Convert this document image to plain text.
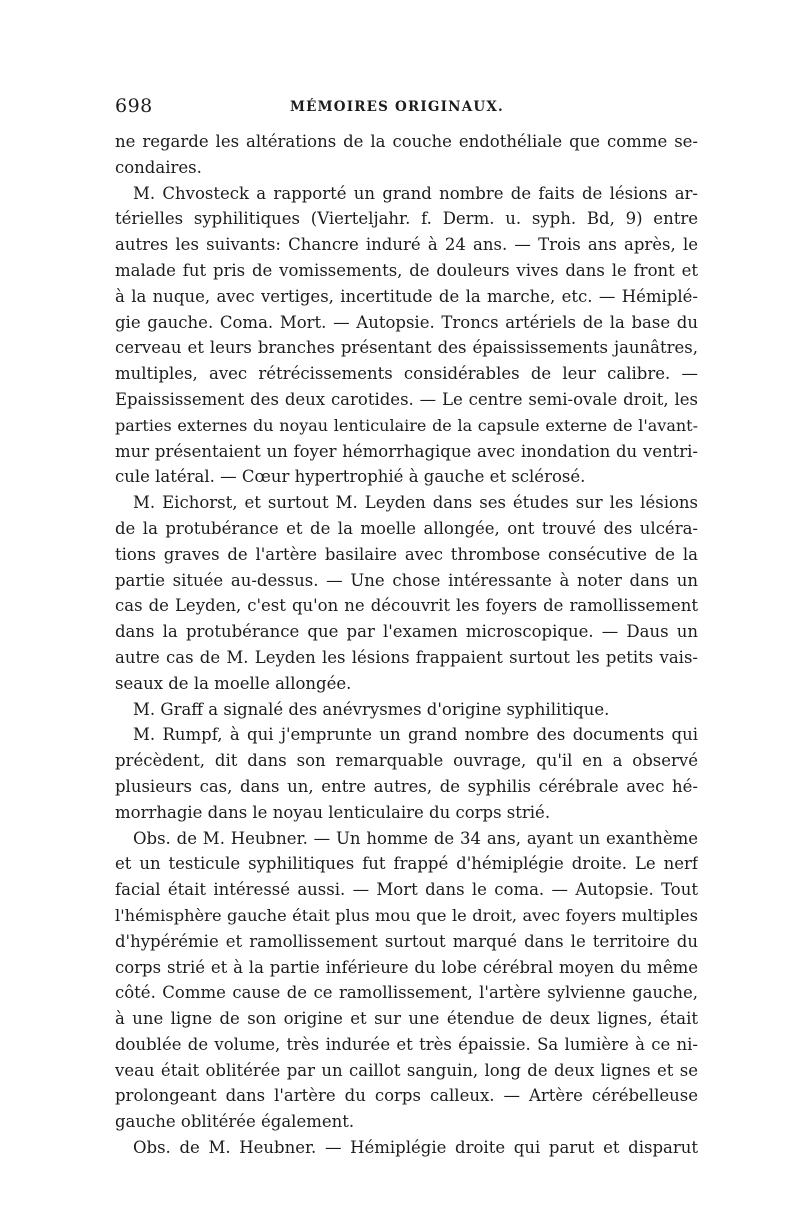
698	MÉMOIRES ORIGINAUX.
ne regarde les altérations de la couche endothéliale que comme se-
condaires.
M. Chvosteck a rapporté un grand nombre de faits de lésions ar-
térielles syphilitiques (Vierteljahr. f. Derm. u. syph. Bd, 9) entre
autres les suivants: Chancre induré à 24 ans. — Trois ans après, le
malade fut pris de vomissements, de douleurs vives dans le front et
à la nuque, avec vertiges, incertitude de la marche, etc. — Hémiplé-
gie gauche. Coma. Mort. — Autopsie. Troncs artériels de la base du
cerveau et leurs branches présentant des épaississements jaunâtres,
multiples, avec rétrécissements considérables de leur calibre. —
Epaississement des deux carotides. — Le centre semi-ovale droit, les
parties externes du noyau lenticulaire de la capsule externe de l'avant-
mur présentaient un foyer hémorrhagique avec inondation du ventri-
cule latéral. — Cœur hypertrophié à gauche et sclérosé.
M. Eichorst, et surtout M. Leyden dans ses études sur les lésions
de la protubérance et de la moelle allongée, ont trouvé des ulcéra-
tions graves de l'artère basilaire avec thrombose consécutive de la
partie située au-dessus. — Une chose intéressante à noter dans un
cas de Leyden, c'est qu'on ne découvrit les foyers de ramollissement
dans la protubérance que par l'examen microscopique. — Daus un
autre cas de M. Leyden les lésions frappaient surtout les petits vais-
seaux de la moelle allongée.
M. Graff a signalé des anévrysmes d'origine syphilitique.
M. Rumpf, à qui j'emprunte un grand nombre des documents qui
précèdent, dit dans son remarquable ouvrage, qu'il en a observé
plusieurs cas, dans un, entre autres, de syphilis cérébrale avec hé-
morrhagie dans le noyau lenticulaire du corps strié.
Obs. de M. Heubner. — Un homme de 34 ans, ayant un exanthème
et un testicule syphilitiques fut frappé d'hémiplégie droite. Le nerf
facial était intéressé aussi. — Mort dans le coma. — Autopsie. Tout
l'hémisphère gauche était plus mou que le droit, avec foyers multiples
d'hypérémie et ramollissement surtout marqué dans le territoire du
corps strié et à la partie inférieure du lobe cérébral moyen du même
côté. Comme cause de ce ramollissement, l'artère sylvienne gauche,
à une ligne de son origine et sur une étendue de deux lignes, était
doublée de volume, très indurée et très épaissie. Sa lumière à ce ni-
veau était oblitérée par un caillot sanguin, long de deux lignes et se
prolongeant dans l'artère du corps calleux. — Artère cérébelleuse
gauche oblitérée également.
Obs. de M. Heubner. — Hémiplégie droite qui parut et disparut
